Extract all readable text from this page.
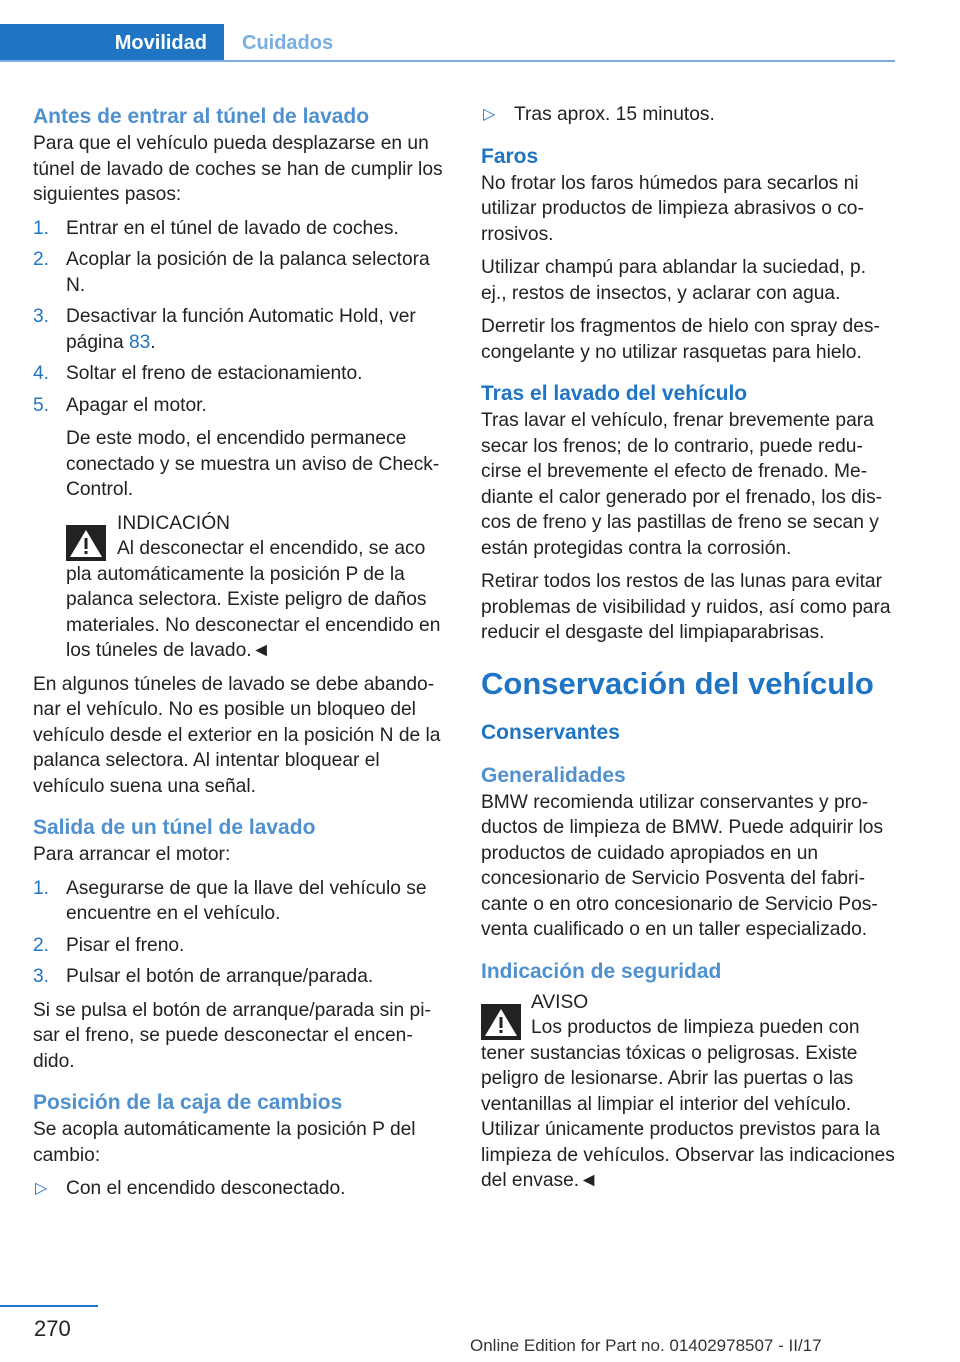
Movilidad	Cuidados
Antes de entrar al túnel de lavado

Para que el vehículo pueda desplazarse en un túnel de lavado de coches se han de cumplir los siguientes pasos:

1. Entrar en el túnel de lavado de coches.
2. Acoplar la posición de la palanca selectora N.
3. Desactivar la función Automatic Hold, ver página 83.
4. Soltar el freno de estacionamiento.
5. Apagar el motor.
De este modo, el encendido permanece conectado y se muestra un aviso de Check-Control.
INDICACIÓN
Al desconectar el encendido, se aco
pla automáticamente la posición P de la palanca selectora. Existe peligro de daños materiales. No desconectar el encendido en los túneles de lavado.◄

En algunos túneles de lavado se debe abandonar el vehículo. No es posible un bloqueo del vehículo desde el exterior en la posición N de la palanca selectora. Al intentar bloquear el vehículo suena una señal.

Salida de un túnel de lavado

Para arrancar el motor:

1. Asegurarse de que la llave del vehículo se encuentre en el vehículo.
2. Pisar el freno.
3. Pulsar el botón de arranque/parada.

Si se pulsa el botón de arranque/parada sin pisar el freno, se puede desconectar el encendido.

Posición de la caja de cambios

Se acopla automáticamente la posición P del cambio:

▷ Con el encendido desconectado.
▷ Tras aprox. 15 minutos.
Faros

No frotar los faros húmedos para secarlos ni utilizar productos de limpieza abrasivos o corrosivos.

Utilizar champú para ablandar la suciedad, p. ej., restos de insectos, y aclarar con agua.

Derretir los fragmentos de hielo con spray descongelante y no utilizar rasquetas para hielo.

Tras el lavado del vehículo

Tras lavar el vehículo, frenar brevemente para secar los frenos; de lo contrario, puede reducirse el brevemente el efecto de frenado. Mediante el calor generado por el frenado, los discos de freno y las pastillas de freno se secan y están protegidas contra la corrosión.

Retirar todos los restos de las lunas para evitar problemas de visibilidad y ruidos, así como para reducir el desgaste del limpiaparabrisas.

Conservación del vehículo
Conservantes
Generalidades

BMW recomienda utilizar conservantes y productos de limpieza de BMW. Puede adquirir los productos de cuidado apropiados en un concesionario de Servicio Posventa del fabricante o en otro concesionario de Servicio Posventa cualificado o en un taller especializado.

Indicación de seguridad
AVISO
Los productos de limpieza pueden con
tener sustancias tóxicas o peligrosas. Existe peligro de lesionarse. Abrir las puertas o las ventanillas al limpiar el interior del vehículo. Utilizar únicamente productos previstos para la limpieza de vehículos. Observar las indicaciones del envase.◄
270
Online Edition for Part no. 01402978507 - II/17
